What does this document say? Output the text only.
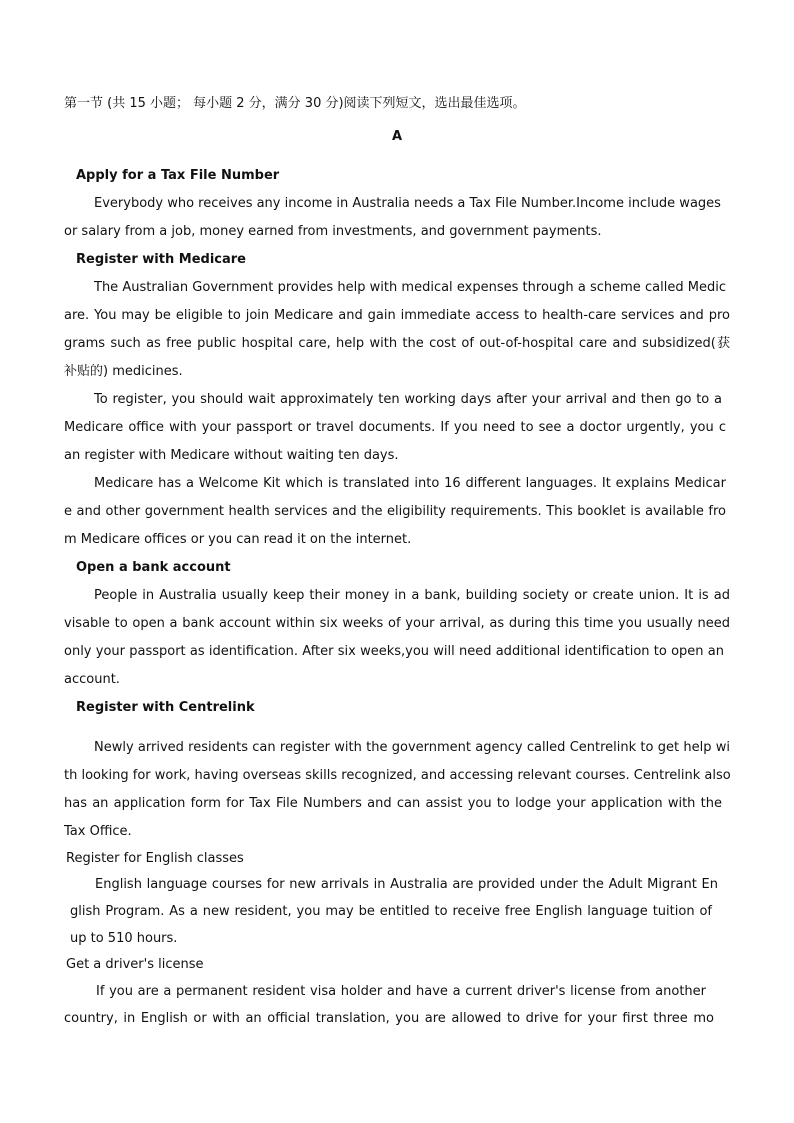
第一节 (共 15 小题； 每小题 2 分，满分 30 分)阅读下列短文，选出最佳选项。
A
Apply for a Tax File Number
Everybody who receives any income in Australia needs a Tax File Number.Income include wages
or salary from a job, money earned from investments, and government payments.
Register with Medicare
The Australian Government provides help with medical expenses through a scheme called Medic
are. You may be eligible to join Medicare and gain immediate access to health-care services and pro
grams such as free public hospital care, help with the cost of out-of-hospital care and subsidized(获
补贴的) medicines.
To register, you should wait approximately ten working days after your arrival and then go to a
Medicare office with your passport or travel documents. If you need to see a doctor urgently, you c
an register with Medicare without waiting ten days.
Medicare has a Welcome Kit which is translated into 16 different languages. It explains Medicar
e and other government health services and the eligibility requirements. This booklet is available fro
m Medicare offices or you can read it on the internet.
Open a bank account
People in Australia usually keep their money in a bank, building society or create union. It is ad
visable to open a bank account within six weeks of your arrival, as during this time you usually need
only your passport as identification. After six weeks,you will need additional identification to open an
account.
Register with Centrelink
Newly arrived residents can register with the government agency called Centrelink to get help wi
th looking for work, having overseas skills recognized, and accessing relevant courses. Centrelink also
has an application form for Tax File Numbers and can assist you to lodge your application with the
Tax Office.
Register for English classes
English language courses for new arrivals in Australia are provided under the Adult Migrant En
glish Program. As a new resident, you may be entitled to receive free English language tuition of
up to 510 hours.
Get a driver's license
If you are a permanent resident visa holder and have a current driver's license from another
country, in English or with an official translation, you are allowed to drive for your first three mo
